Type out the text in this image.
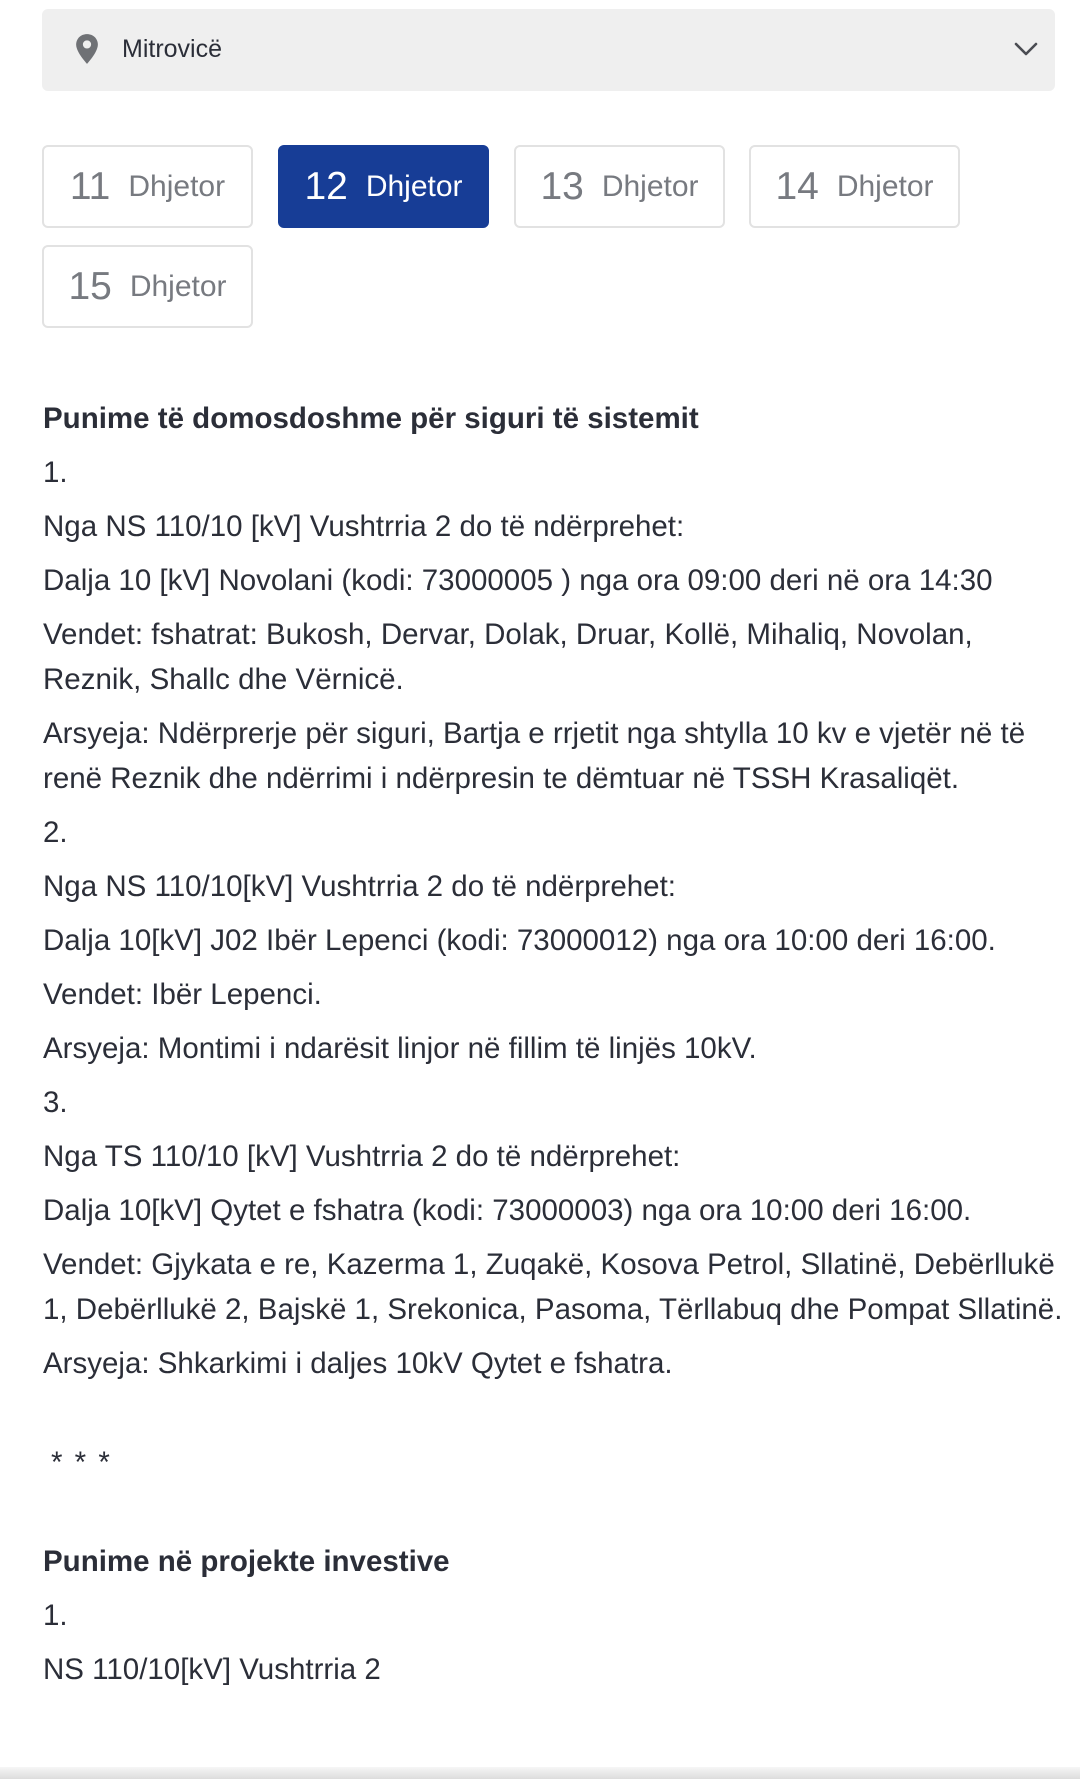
Mitrovicë
11 Dhjetor 12 Dhjetor 13 Dhjetor 14 Dhjetor
15 Dhjetor

Punime të domosdoshme për siguri të sistemit

1.

Nga NS 110/10 [kV] Vushtrria 2 do të ndërprehet:

Dalja 10 [kV] Novolani (kodi: 73000005 ) nga ora 09:00 deri në ora 14:30

Vendet: fshatrat: Bukosh, Dervar, Dolak, Druar, Kollë, Mihaliq, Novolan, Reznik, Shallc dhe Vërnicë.

Arsyeja: Ndërprerje për siguri, Bartja e rrjetit nga shtylla 10 kv e vjetër në të renë Reznik dhe ndërrimi i ndërpresin te dëmtuar në TSSH Krasaliqët.

2.

Nga NS 110/10[kV] Vushtrria 2 do të ndërprehet:

Dalja 10[kV] J02 Ibër Lepenci (kodi: 73000012) nga ora 10:00 deri 16:00.

Vendet: Ibër Lepenci.

Arsyeja: Montimi i ndarësit linjor në fillim të linjës 10kV.

3.

Nga TS 110/10 [kV] Vushtrria 2 do të ndërprehet:

Dalja 10[kV] Qytet e fshatra (kodi: 73000003) nga ora 10:00 deri 16:00.

Vendet: Gjykata e re, Kazerma 1, Zuqakë, Kosova Petrol, Sllatinë, Debërllukë 1, Debërllukë 2, Bajskë 1, Srekonica, Pasoma, Tërllabuq dhe Pompat Sllatinë.

Arsyeja: Shkarkimi i daljes 10kV Qytet e fshatra.

* * *

Punime në projekte investive

1.

NS 110/10[kV] Vushtrria 2
